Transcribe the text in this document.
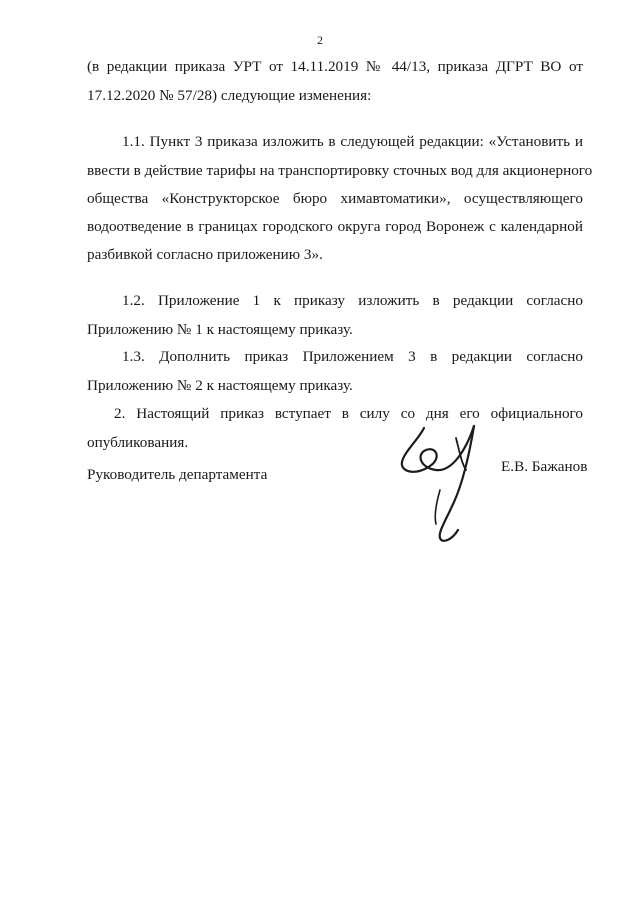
2
(в редакции приказа УРТ от 14.11.2019 № 44/13, приказа ДГРТ ВО от
17.12.2020 № 57/28) следующие изменения:
1.1. Пункт 3 приказа изложить в следующей редакции: «Установить и
ввести в действие тарифы на транспортировку сточных вод для акционерного
общества «Конструкторское бюро химавтоматики», осуществляющего
водоотведение в границах городского округа город Воронеж с календарной
разбивкой согласно приложению 3».
1.2. Приложение 1 к приказу изложить в редакции согласно
Приложению № 1 к настоящему приказу.
1.3. Дополнить приказ Приложением 3 в редакции согласно
Приложению № 2 к настоящему приказу.
2. Настоящий приказ вступает в силу со дня его официального
опубликования.
Руководитель департамента	Е.В. Бажанов
